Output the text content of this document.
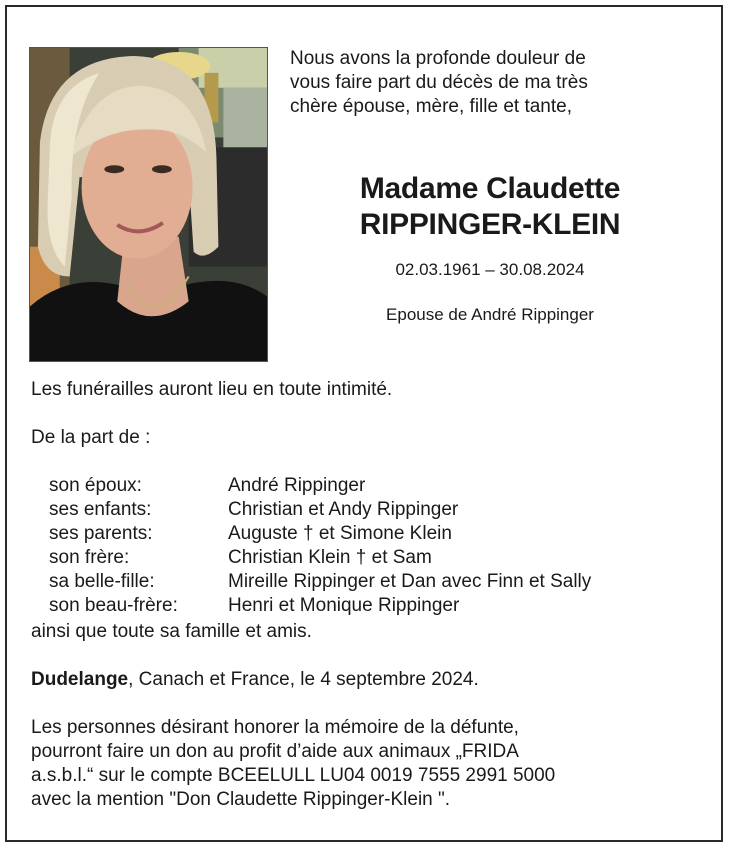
Nous avons la profonde douleur de

vous faire part du décès de ma très

chère épouse, mère, fille et tante,

Madame Claudette
RIPPINGER-KLEIN
02.03.1961 – 30.08.2024
Epouse de André Rippinger
Les funérailles auront lieu en toute intimité.
De la part de :
son époux:	André Rippinger
ses enfants:	Christian et Andy Rippinger
ses parents:	Auguste † et Simone Klein
son frère:	Christian Klein † et Sam
sa belle-fille:	Mireille Rippinger et Dan avec Finn et Sally
son beau-frère:	Henri et Monique Rippinger
ainsi que toute sa famille et amis.
Dudelange, Canach et France, le 4 septembre 2024.
Les personnes désirant honorer la mémoire de la défunte,
pourront faire un don au profit d’aide aux animaux „FRIDA
a.s.b.l.“ sur le compte BCEELULL LU04 0019 7555 2991 5000
avec la mention "Don Claudette Rippinger-Klein ".
